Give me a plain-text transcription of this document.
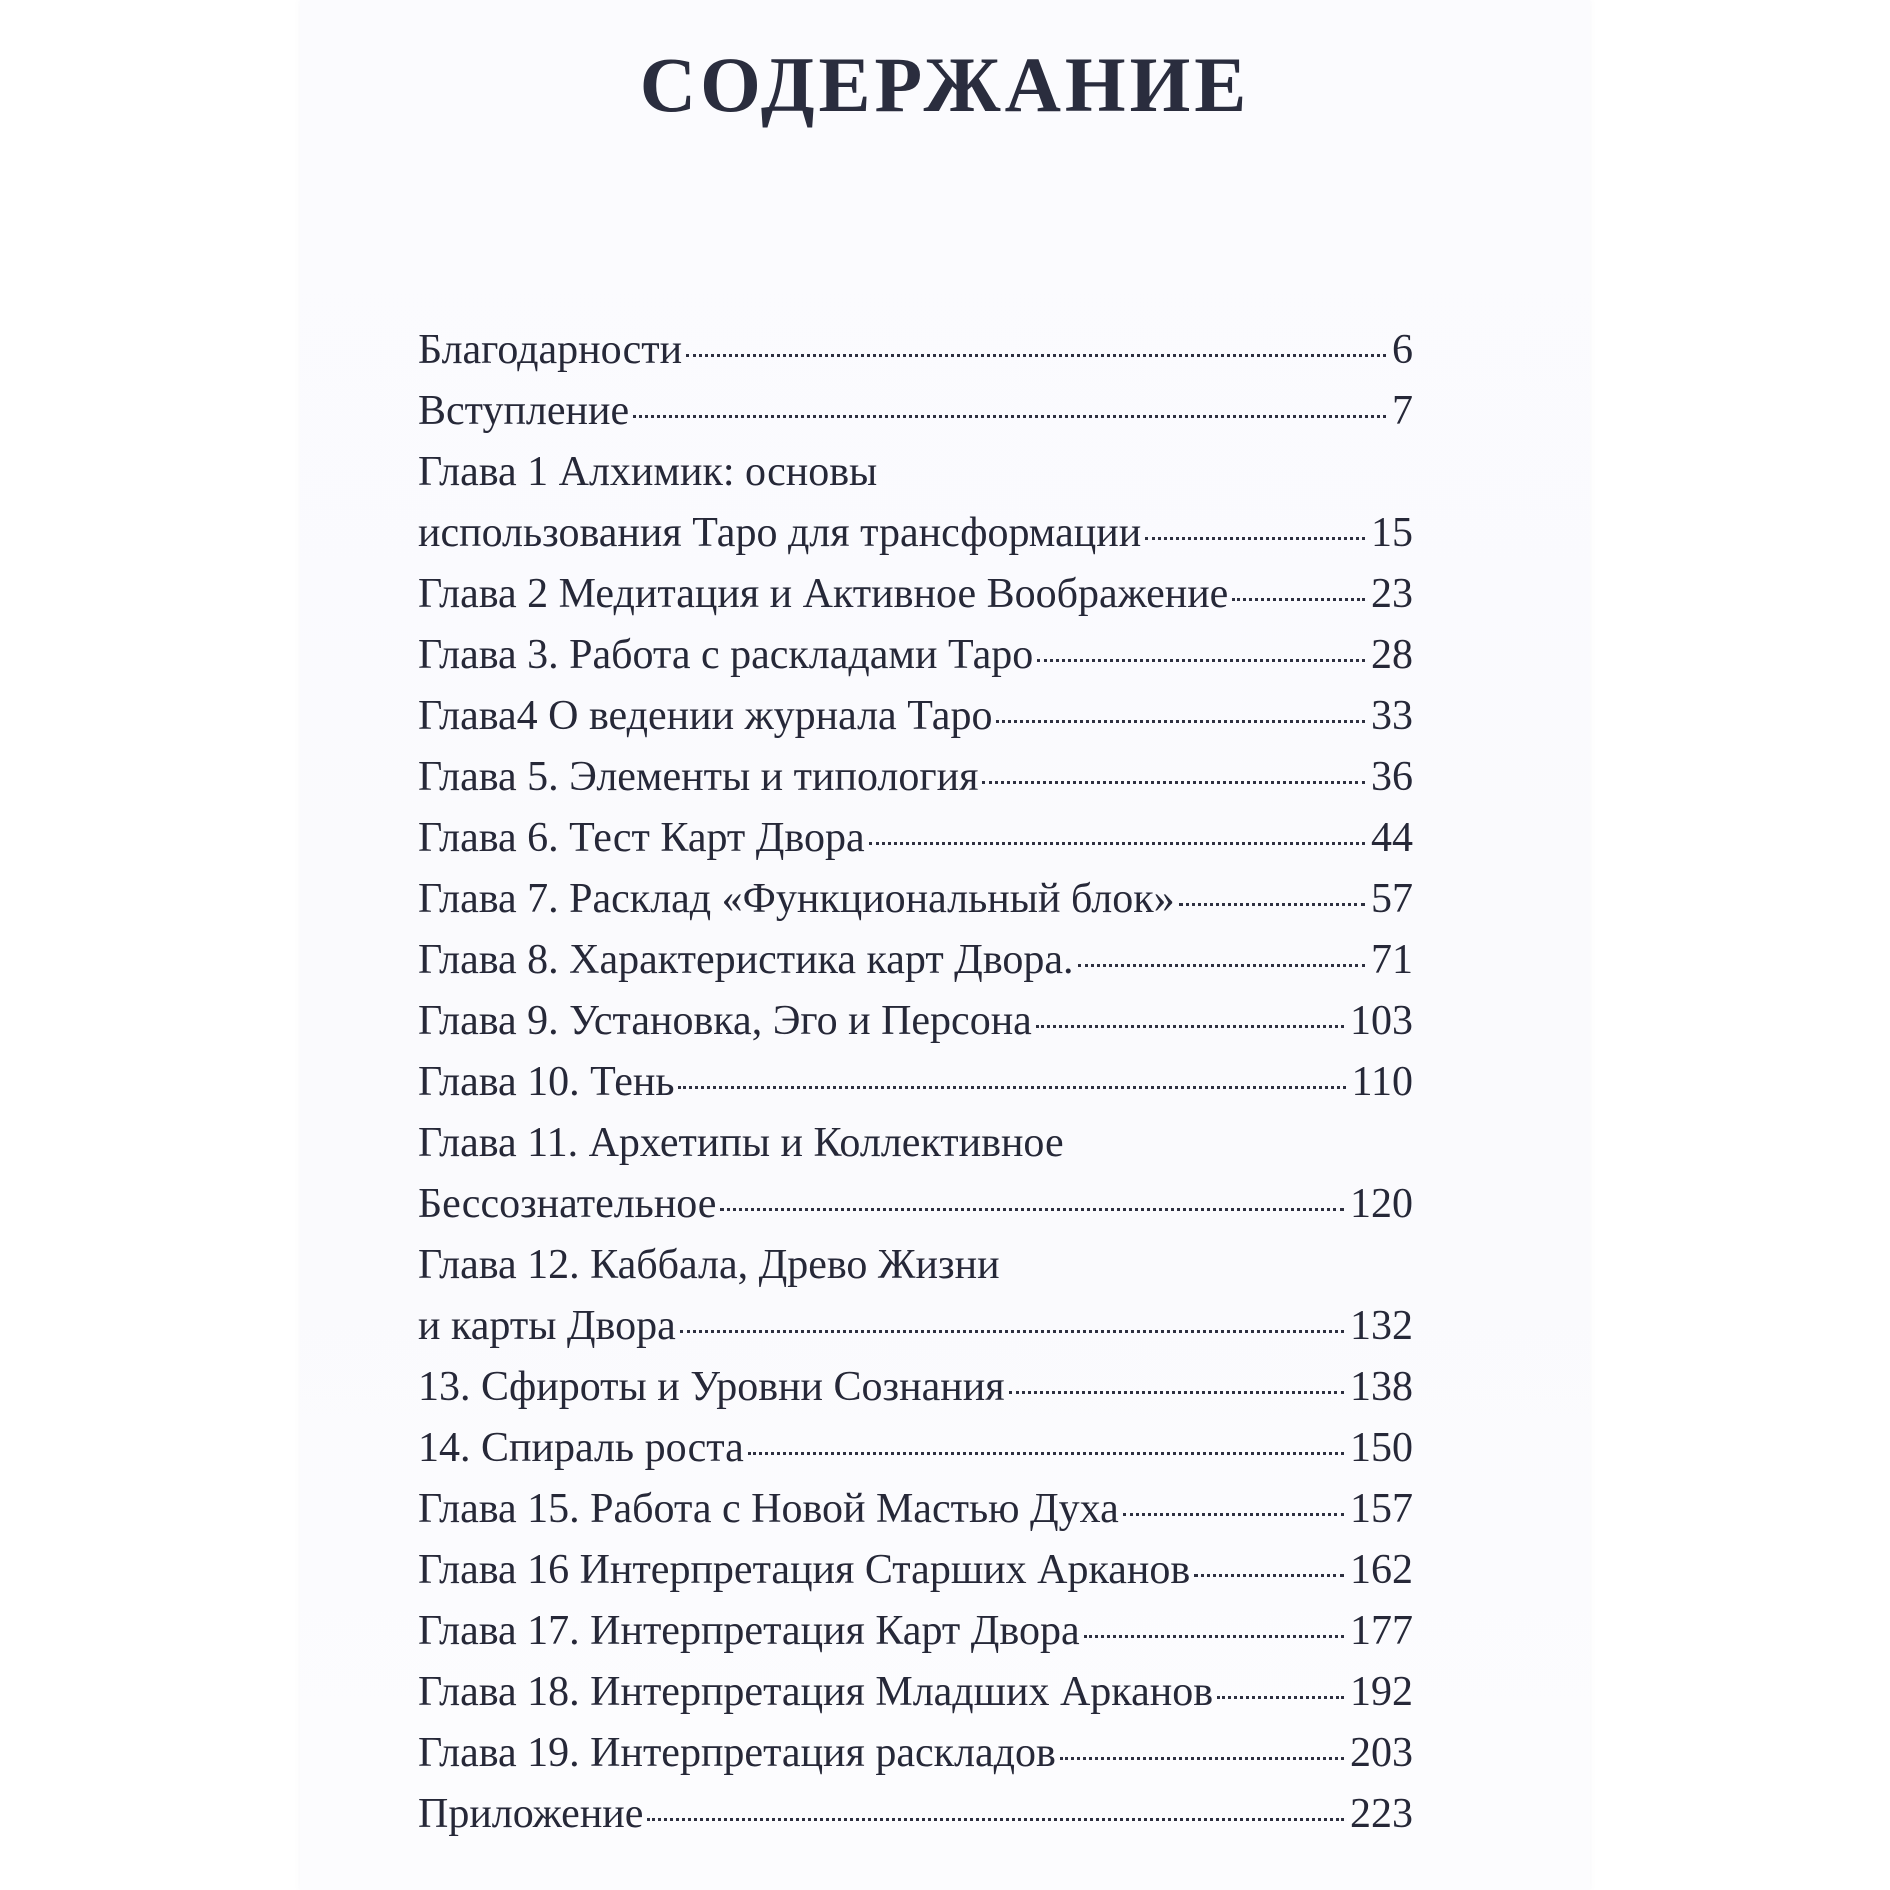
СОДЕРЖАНИЕ
Благодарности	6
Вступление	7
Глава 1 Алхимик: основы
использования Таро для трансформации	15
Глава 2 Медитация и Активное Воображение	23
Глава 3. Работа с раскладами Таро	28
Глава4 О ведении журнала Таро	33
Глава 5. Элементы и типология	36
Глава 6. Тест Карт Двора	44
Глава 7. Расклад «Функциональный блок»	57
Глава 8. Характеристика карт Двора.	71
Глава 9. Установка, Эго и Персона	103
Глава 10. Тень	110
Глава 11. Архетипы и Коллективное
Бессознательное	120
Глава 12. Каббала, Древо Жизни
и карты Двора	132
13. Сфироты и Уровни Сознания	138
14. Спираль роста	150
Глава 15. Работа с Новой Мастью Духа	157
Глава 16 Интерпретация Старших Арканов	162
Глава 17. Интерпретация Карт Двора	177
Глава 18. Интерпретация Младших Арканов	192
Глава 19. Интерпретация раскладов	203
Приложение	223
